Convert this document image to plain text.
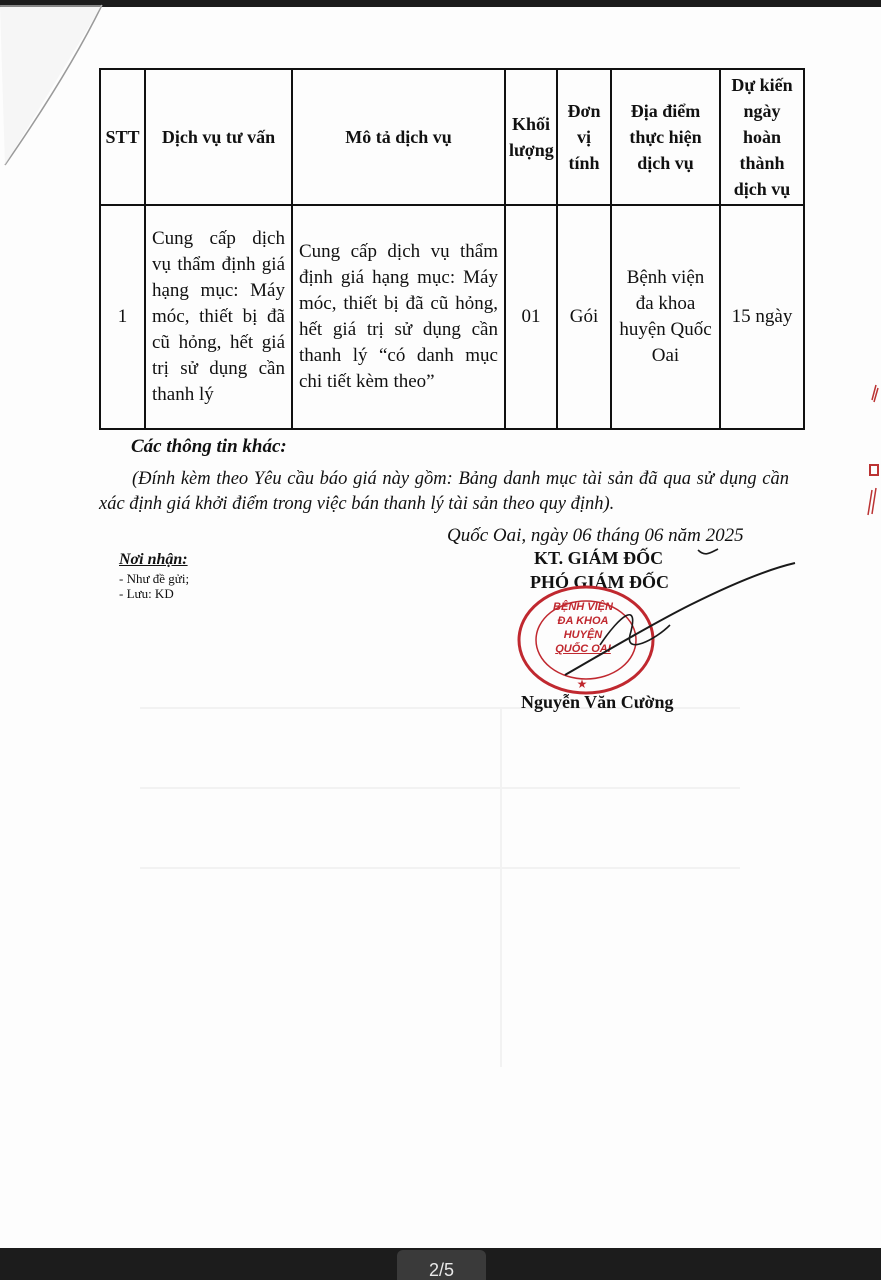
STT	Dịch vụ tư vấn	Mô tả dịch vụ	Khối lượng	Đơn vị tính	Địa điểm thực hiện dịch vụ	Dự kiến ngày hoàn thành dịch vụ
1	Cung cấp dịch vụ thẩm định giá hạng mục: Máy móc, thiết bị đã cũ hỏng, hết giá trị sử dụng cần thanh lý	Cung cấp dịch vụ thẩm định giá hạng mục: Máy móc, thiết bị đã cũ hỏng, hết giá trị sử dụng cần thanh lý “có danh mục chi tiết kèm theo”	01	Gói	Bệnh viện đa khoa huyện Quốc Oai	15 ngày
Các thông tin khác:
(Đính kèm theo Yêu cầu báo giá này gồm: Bảng danh mục tài sản đã qua sử dụng cần xác định giá khởi điểm trong việc bán thanh lý tài sản theo quy định).
Quốc Oai, ngày 06 tháng 06 năm 2025
Nơi nhận:
- Như đề gửi;
- Lưu: KD
KT. GIÁM ĐỐC
PHÓ GIÁM ĐỐC
★
BỆNH VIỆN
ĐA KHOA
HUYỆN
QUỐC OAI
Nguyễn Văn Cường
2/5
